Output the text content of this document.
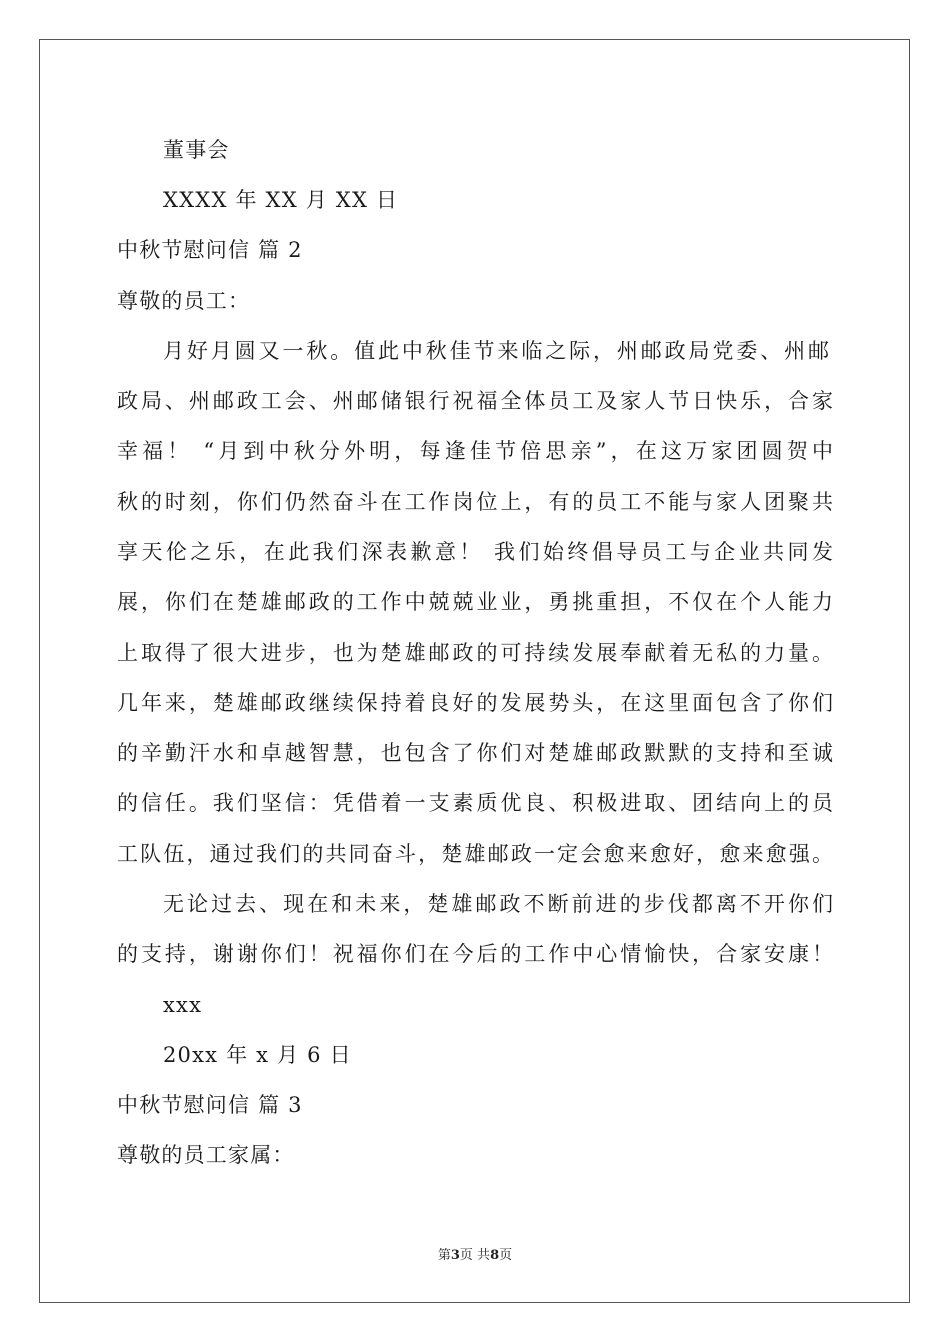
董事会
XXXX 年 XX 月 XX 日
中秋节慰问信 篇 2
尊敬的员工：
月好月圆又一秋。值此中秋佳节来临之际，州邮政局党委、州邮
政局、州邮政工会、州邮储银行祝福全体员工及家人节日快乐，合家
幸福！ “月到中秋分外明，每逢佳节倍思亲”，在这万家团圆贺中
秋的时刻，你们仍然奋斗在工作岗位上，有的员工不能与家人团聚共
享天伦之乐，在此我们深表歉意！ 我们始终倡导员工与企业共同发
展，你们在楚雄邮政的工作中兢兢业业，勇挑重担，不仅在个人能力
上取得了很大进步，也为楚雄邮政的可持续发展奉献着无私的力量。
几年来，楚雄邮政继续保持着良好的发展势头，在这里面包含了你们
的辛勤汗水和卓越智慧，也包含了你们对楚雄邮政默默的支持和至诚
的信任。我们坚信：凭借着一支素质优良、积极进取、团结向上的员
工队伍，通过我们的共同奋斗，楚雄邮政一定会愈来愈好，愈来愈强。
无论过去、现在和未来，楚雄邮政不断前进的步伐都离不开你们
的支持，谢谢你们！祝福你们在今后的工作中心情愉快，合家安康！
xxx
20xx 年 x 月 6 日
中秋节慰问信 篇 3
尊敬的员工家属：
第3页 共8页
